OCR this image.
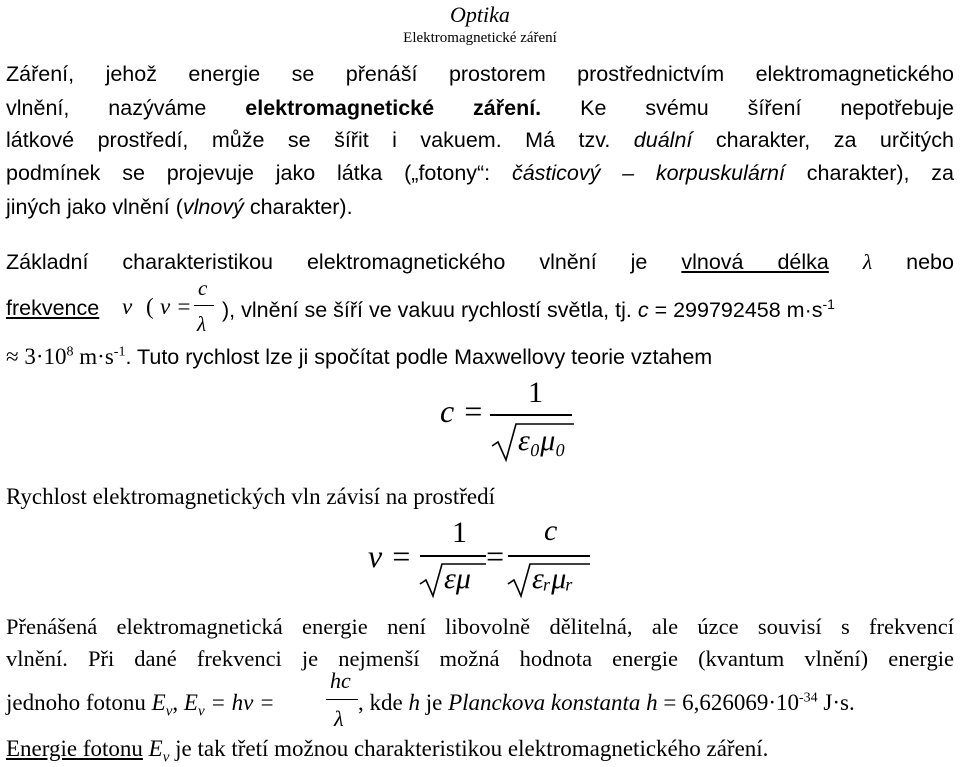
Optika
Elektromagnetické záření
Záření, jehož energie se přenáší prostorem prostřednictvím elektromagnetického
vlnění, nazýváme elektromagnetické záření. Ke svému šíření nepotřebuje
látkové prostředí, může se šířit i vakuem. Má tzv. duální charakter, za určitých
podmínek se projevuje jako látka („fotony“: částicový – korpuskulární charakter), za
jiných jako vlnění (vlnový charakter).
Základní charakteristikou elektromagnetického vlnění je vlnová délka λ nebo
frekvence ν ( ν =
c
λ
), vlnění se šíří ve vakuu rychlostí světla, tj. c = 299792458 $m\cdot s^{-1}$
≈ $3\cdot 10^8$ $m\cdot s^{-1}$. Tuto rychlost lze ji spočítat podle Maxwellovy teorie vztahem
c =
1
ε₀μ₀
Rychlost elektromagnetických vln závisí na prostředí
v =
1
εμ
=
c
εᵣμᵣ
Přenášená elektromagnetická energie není libovolně dělitelná, ale úzce souvisí s frekvencí
vlnění. Při dané frekvenci je nejmenší možná hodnota energie (kvantum vlnění) energie
jednoho fotonu $E_\nu$, $E_\nu = h\nu$ =
hc
λ
, kde h je Planckova konstanta $h = 6,626069\cdot 10^{-34}$ J·s.
Energie fotonu $E_\nu$ je tak třetí možnou charakteristikou elektromagnetického záření.
